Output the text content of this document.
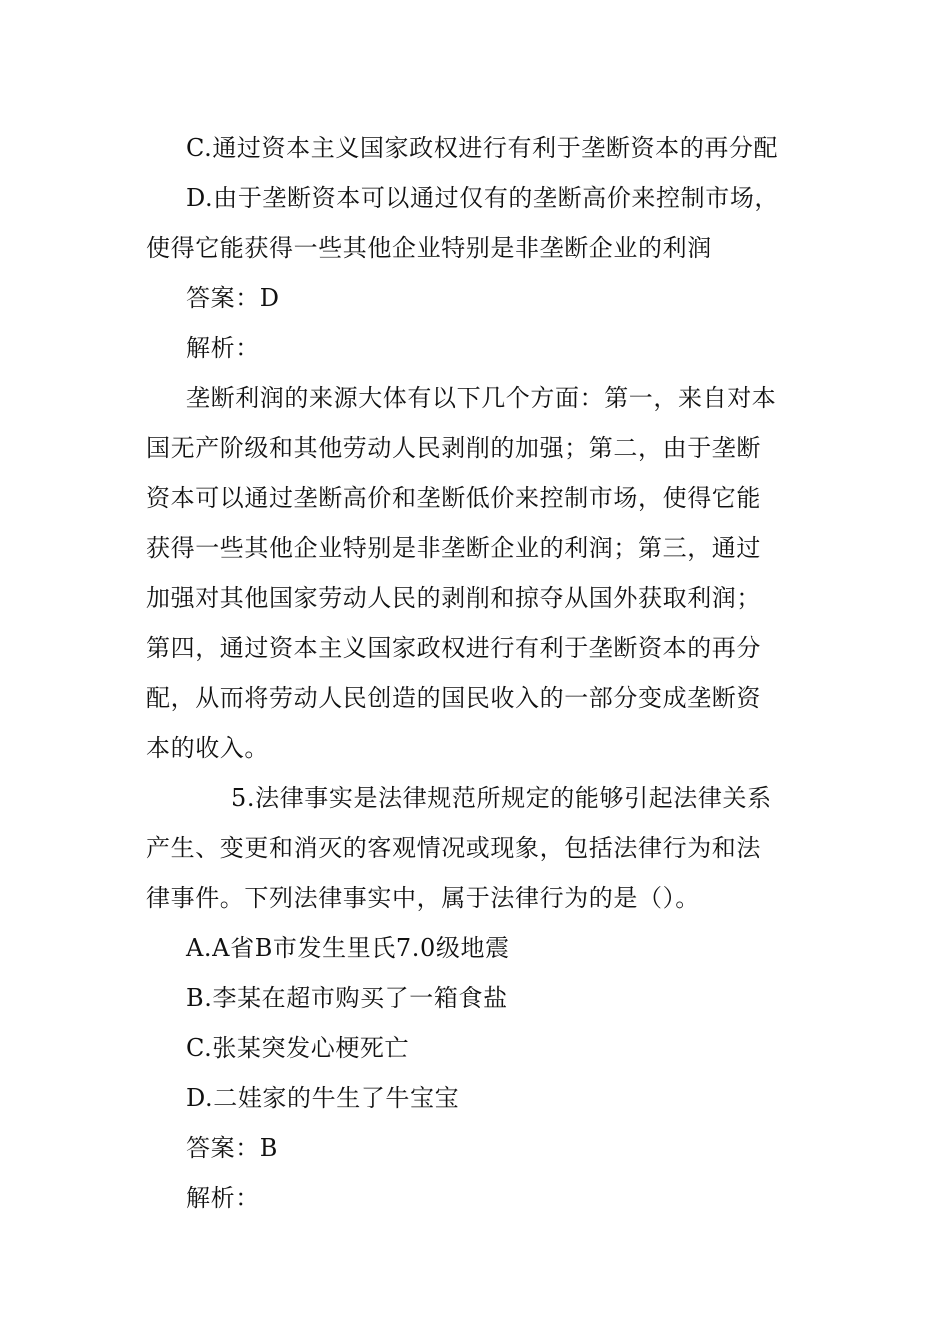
C.通过资本主义国家政权进行有利于垄断资本的再分配
D.由于垄断资本可以通过仅有的垄断高价来控制市场，
使得它能获得一些其他企业特别是非垄断企业的利润
答案：D
解析：
垄断利润的来源大体有以下几个方面：第一，来自对本
国无产阶级和其他劳动人民剥削的加强；第二，由于垄断
资本可以通过垄断高价和垄断低价来控制市场，使得它能
获得一些其他企业特别是非垄断企业的利润；第三，通过
加强对其他国家劳动人民的剥削和掠夺从国外获取利润；
第四，通过资本主义国家政权进行有利于垄断资本的再分
配，从而将劳动人民创造的国民收入的一部分变成垄断资
本的收入。
5.法律事实是法律规范所规定的能够引起法律关系
产生、变更和消灭的客观情况或现象，包括法律行为和法
律事件。下列法律事实中，属于法律行为的是（）。
A.A省B市发生里氏7.0级地震
B.李某在超市购买了一箱食盐
C.张某突发心梗死亡
D.二娃家的牛生了牛宝宝
答案：B
解析：
